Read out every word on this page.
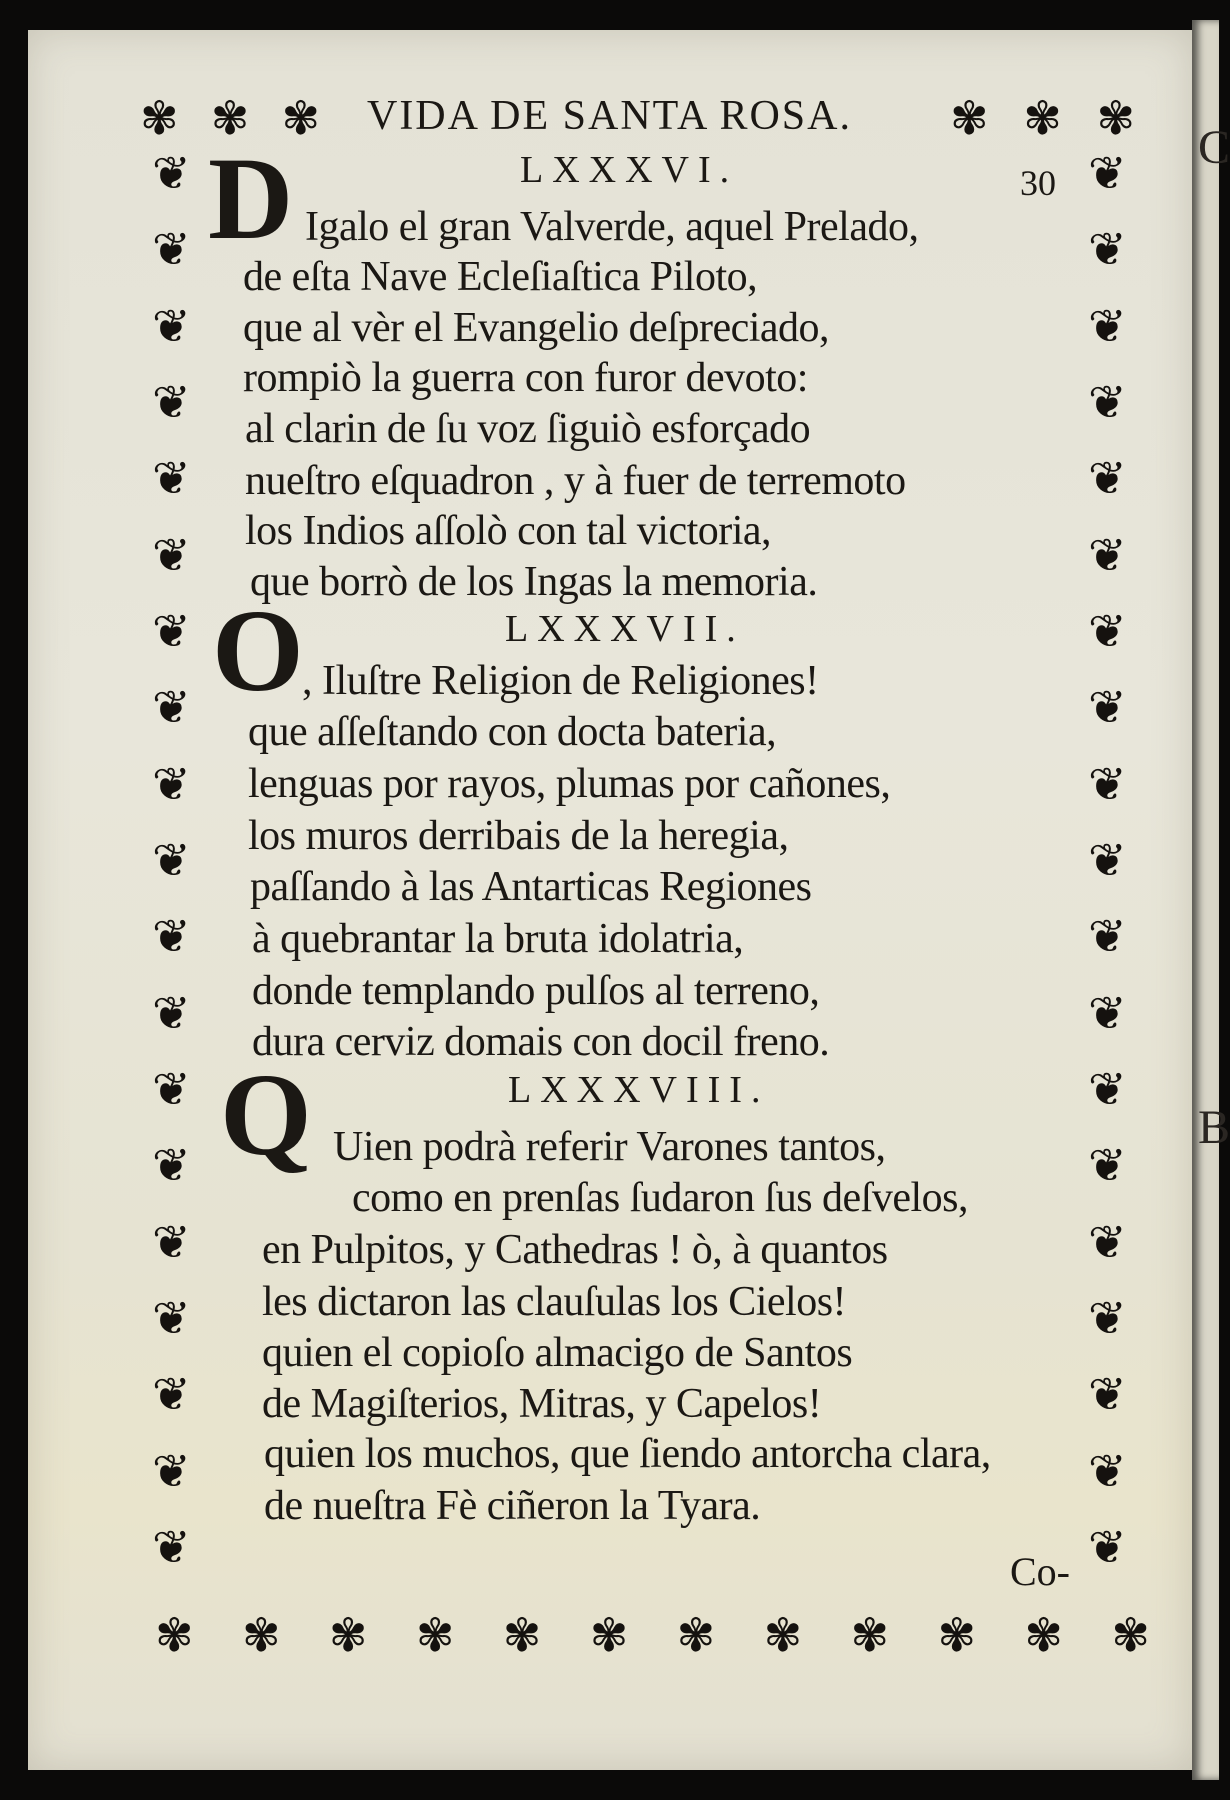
C
B
VIDA DE SANTA ROSA.
30
Co-
❦
❦
❦
❦
❦
❦
❦
❦
❦
❦
❦
❦
❦
❦
❦
❦
❦
❦
❦
❦
❦
❦
❦
❦
❦
❦
❦
❦
❦
❦
❦
❦
❦
❦
❦
❦
❦
❦
✾ ✾ ✾	✾ ✾ ✾
✾ ✾ ✾ ✾ ✾ ✾ ✾ ✾ ✾ ✾ ✾ ✾
LXXXVI.
D Igalo el gran Valverde, aquel Prelado,
de eſta Nave Ecleſiaſtica Piloto,
que al vèr el Evangelio deſpreciado,
rompiò la guerra con furor devoto:
al clarin de ſu voz ſiguiò esforçado
nueſtro eſquadron , y à fuer de terremoto
los Indios aſſolò con tal victoria,
que borrò de los Ingas la memoria.
LXXXVII.
O
, Iluſtre Religion de Religiones!
que aſſeſtando con docta bateria,
lenguas por rayos, plumas por cañones,
los muros derribais de la heregia,
paſſando à las Antarticas Regiones
à quebrantar la bruta idolatria,
donde templando pulſos al terreno,
dura cerviz domais con docil freno.
LXXXVIII.
Q Uien podrà referir Varones tantos,
como en prenſas ſudaron ſus deſvelos,
en Pulpitos, y Cathedras ! ò, à quantos
les dictaron las clauſulas los Cielos!
quien el copioſo almacigo de Santos
de Magiſterios, Mitras, y Capelos!
quien los muchos, que ſiendo antorcha clara,
de nueſtra Fè ciñeron la Tyara.
